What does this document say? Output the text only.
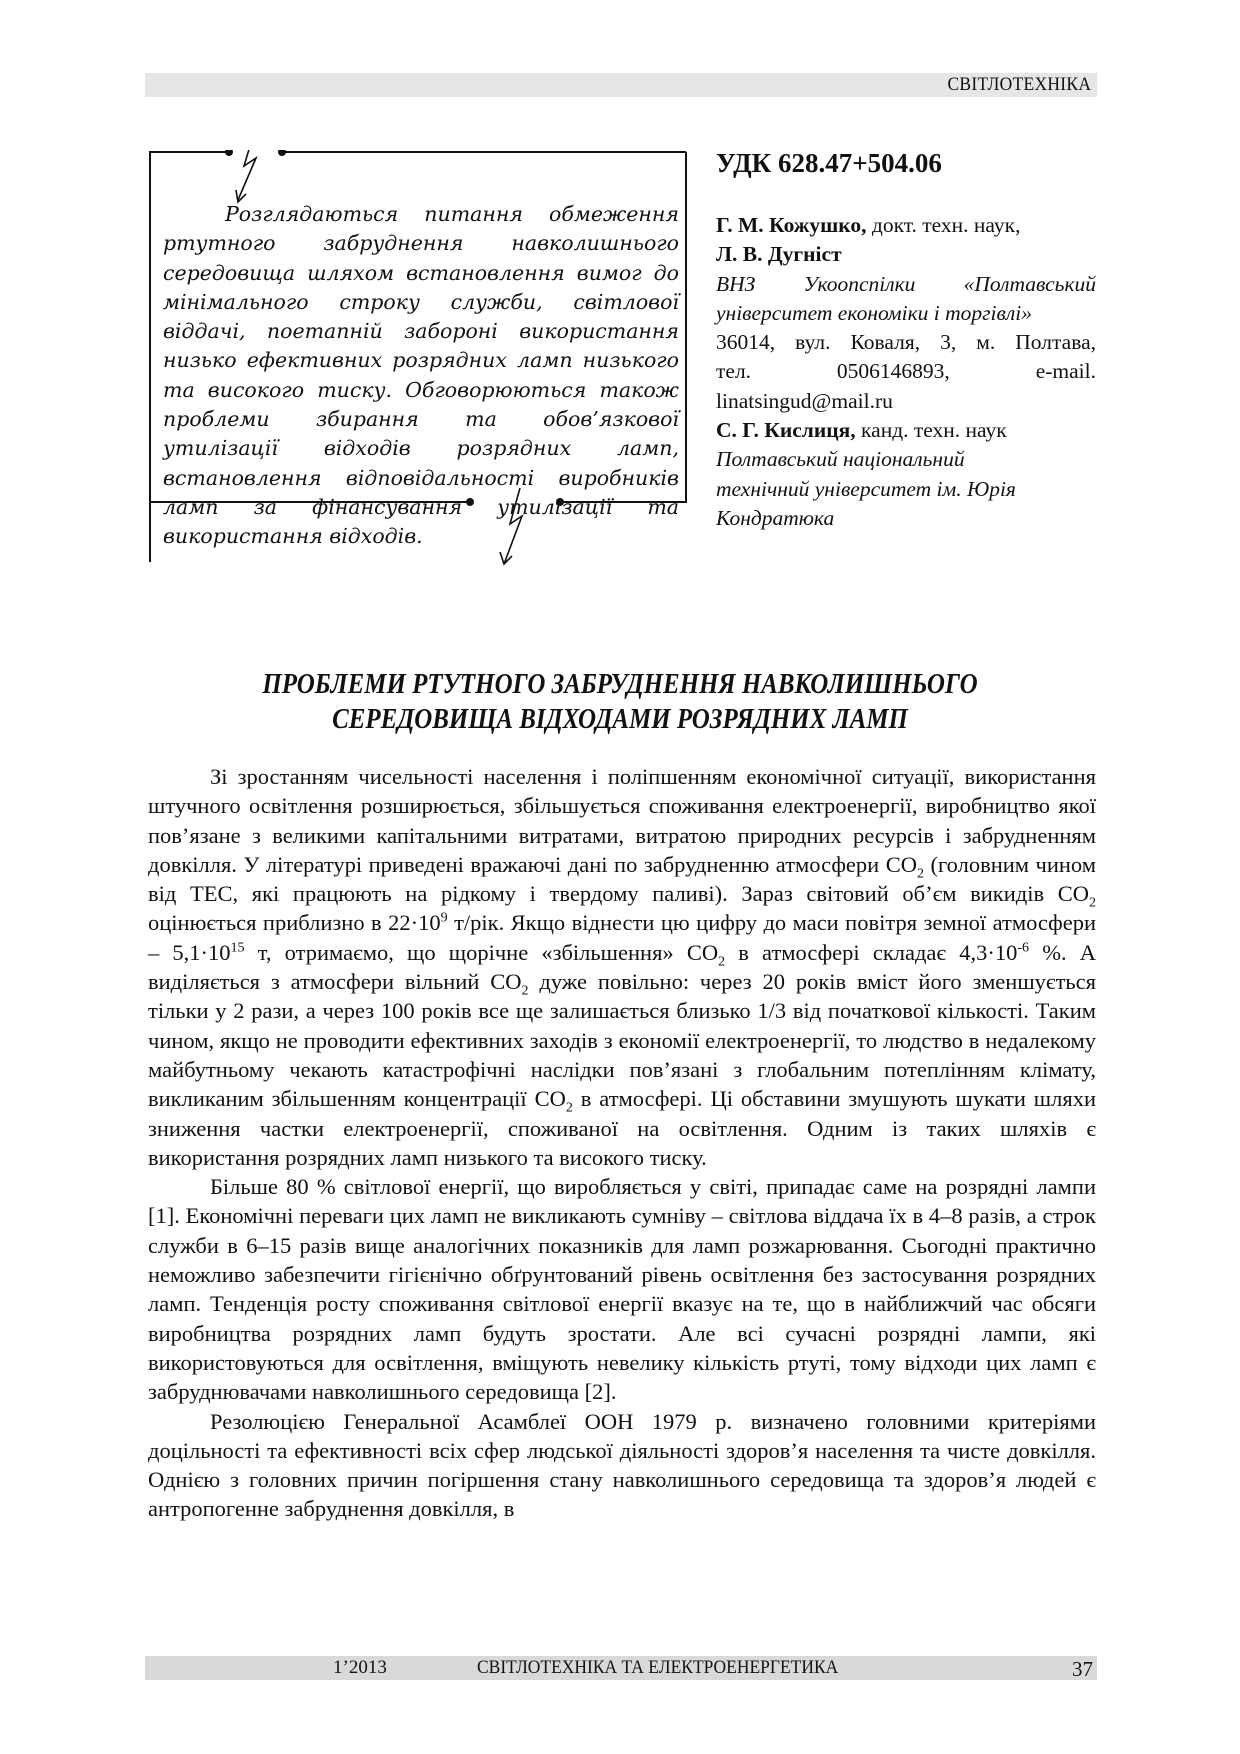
СВІТЛОТЕХНІКА

Розглядаються питання обмеження ртутного забруднення навколишнього середовища шляхом встановлення вимог до мінімального строку служби, світлової віддачі, поетапній забороні використання низько ефективних розрядних ламп низького та високого тиску. Обговорюються також проблеми збирання та обов’язкової утилізації відходів розрядних ламп, встановлення відповідальності виробників ламп за фінансування утилізації та використання відходів.

УДК 628.47+504.06

Г. М. Кожушко, докт. техн. наук,

Л. В. Дугніст

ВНЗ Укоопспілки «Полтавський

університет економіки і торгівлі»

36014, вул. Коваля, 3, м. Полтава,

тел. 0506146893, e-mail.

linatsingud@mail.ru

С. Г. Кислиця, канд. техн. наук

Полтавський національний

технічний університет ім. Юрія

Кондратюка

ПРОБЛЕМИ РТУТНОГО ЗАБРУДНЕННЯ НАВКОЛИШНЬОГО
СЕРЕДОВИЩА ВІДХОДАМИ РОЗРЯДНИХ ЛАМП

Зі зростанням чисельності населення і поліпшенням економічної ситуації, використання штучного освітлення розширюється, збільшується споживання електроенергії, виробництво якої пов’язане з великими капітальними витратами, витратою природних ресурсів і забрудненням довкілля. У літературі приведені вражаючі дані по забрудненню атмосфери $CO_2$ (головним чином від ТЕС, які працюють на рідкому і твердому паливі). Зараз світовий об’єм викидів $CO_2$ оцінюється приблизно в $22\cdot 10^9$ т/рік. Якщо віднести цю цифру до маси повітря земної атмосфери – $5,1\cdot 10^{15}$ т, отримаємо, що щорічне «збільшення» $CO_2$ в атмосфері складає $4,3\cdot 10^{-6}$ %. А виділяється з атмосфери вільний $CO_2$ дуже повільно: через 20 років вміст його зменшується тільки у 2 рази, а через 100 років все ще залишається близько 1/3 від початкової кількості. Таким чином, якщо не проводити ефективних заходів з економії електроенергії, то людство в недалекому майбутньому чекають катастрофічні наслідки пов’язані з глобальним потеплінням клімату, викликаним збільшенням концентрації $CO_2$ в атмосфері. Ці обставини змушують шукати шляхи зниження частки електроенергії, споживаної на освітлення. Одним із таких шляхів є використання розрядних ламп низького та високого тиску.

Більше 80 % світлової енергії, що виробляється у світі, припадає саме на розрядні лампи [1]. Економічні переваги цих ламп не викликають сумніву – світлова віддача їх в 4–8 разів, а строк служби в 6–15 разів вище аналогічних показників для ламп розжарювання. Сьогодні практично неможливо забезпечити гігієнічно обґрунтований рівень освітлення без застосування розрядних ламп. Тенденція росту споживання світлової енергії вказує на те, що в найближчий час обсяги виробництва розрядних ламп будуть зростати. Але всі сучасні розрядні лампи, які використовуються для освітлення, вміщують невелику кількість ртуті, тому відходи цих ламп є забруднювачами навколишнього середовища [2].

Резолюцією Генеральної Асамблеї ООН 1979 р. визначено головними критеріями доцільності та ефективності всіх сфер людської діяльності здоров’я населення та чисте довкілля. Однією з головних причин погіршення стану навколишнього середовища та здоров’я людей є антропогенне забруднення довкілля, в

1’2013	СВІТЛОТЕХНІКА ТА ЕЛЕКТРОЕНЕРГЕТИКА	37
